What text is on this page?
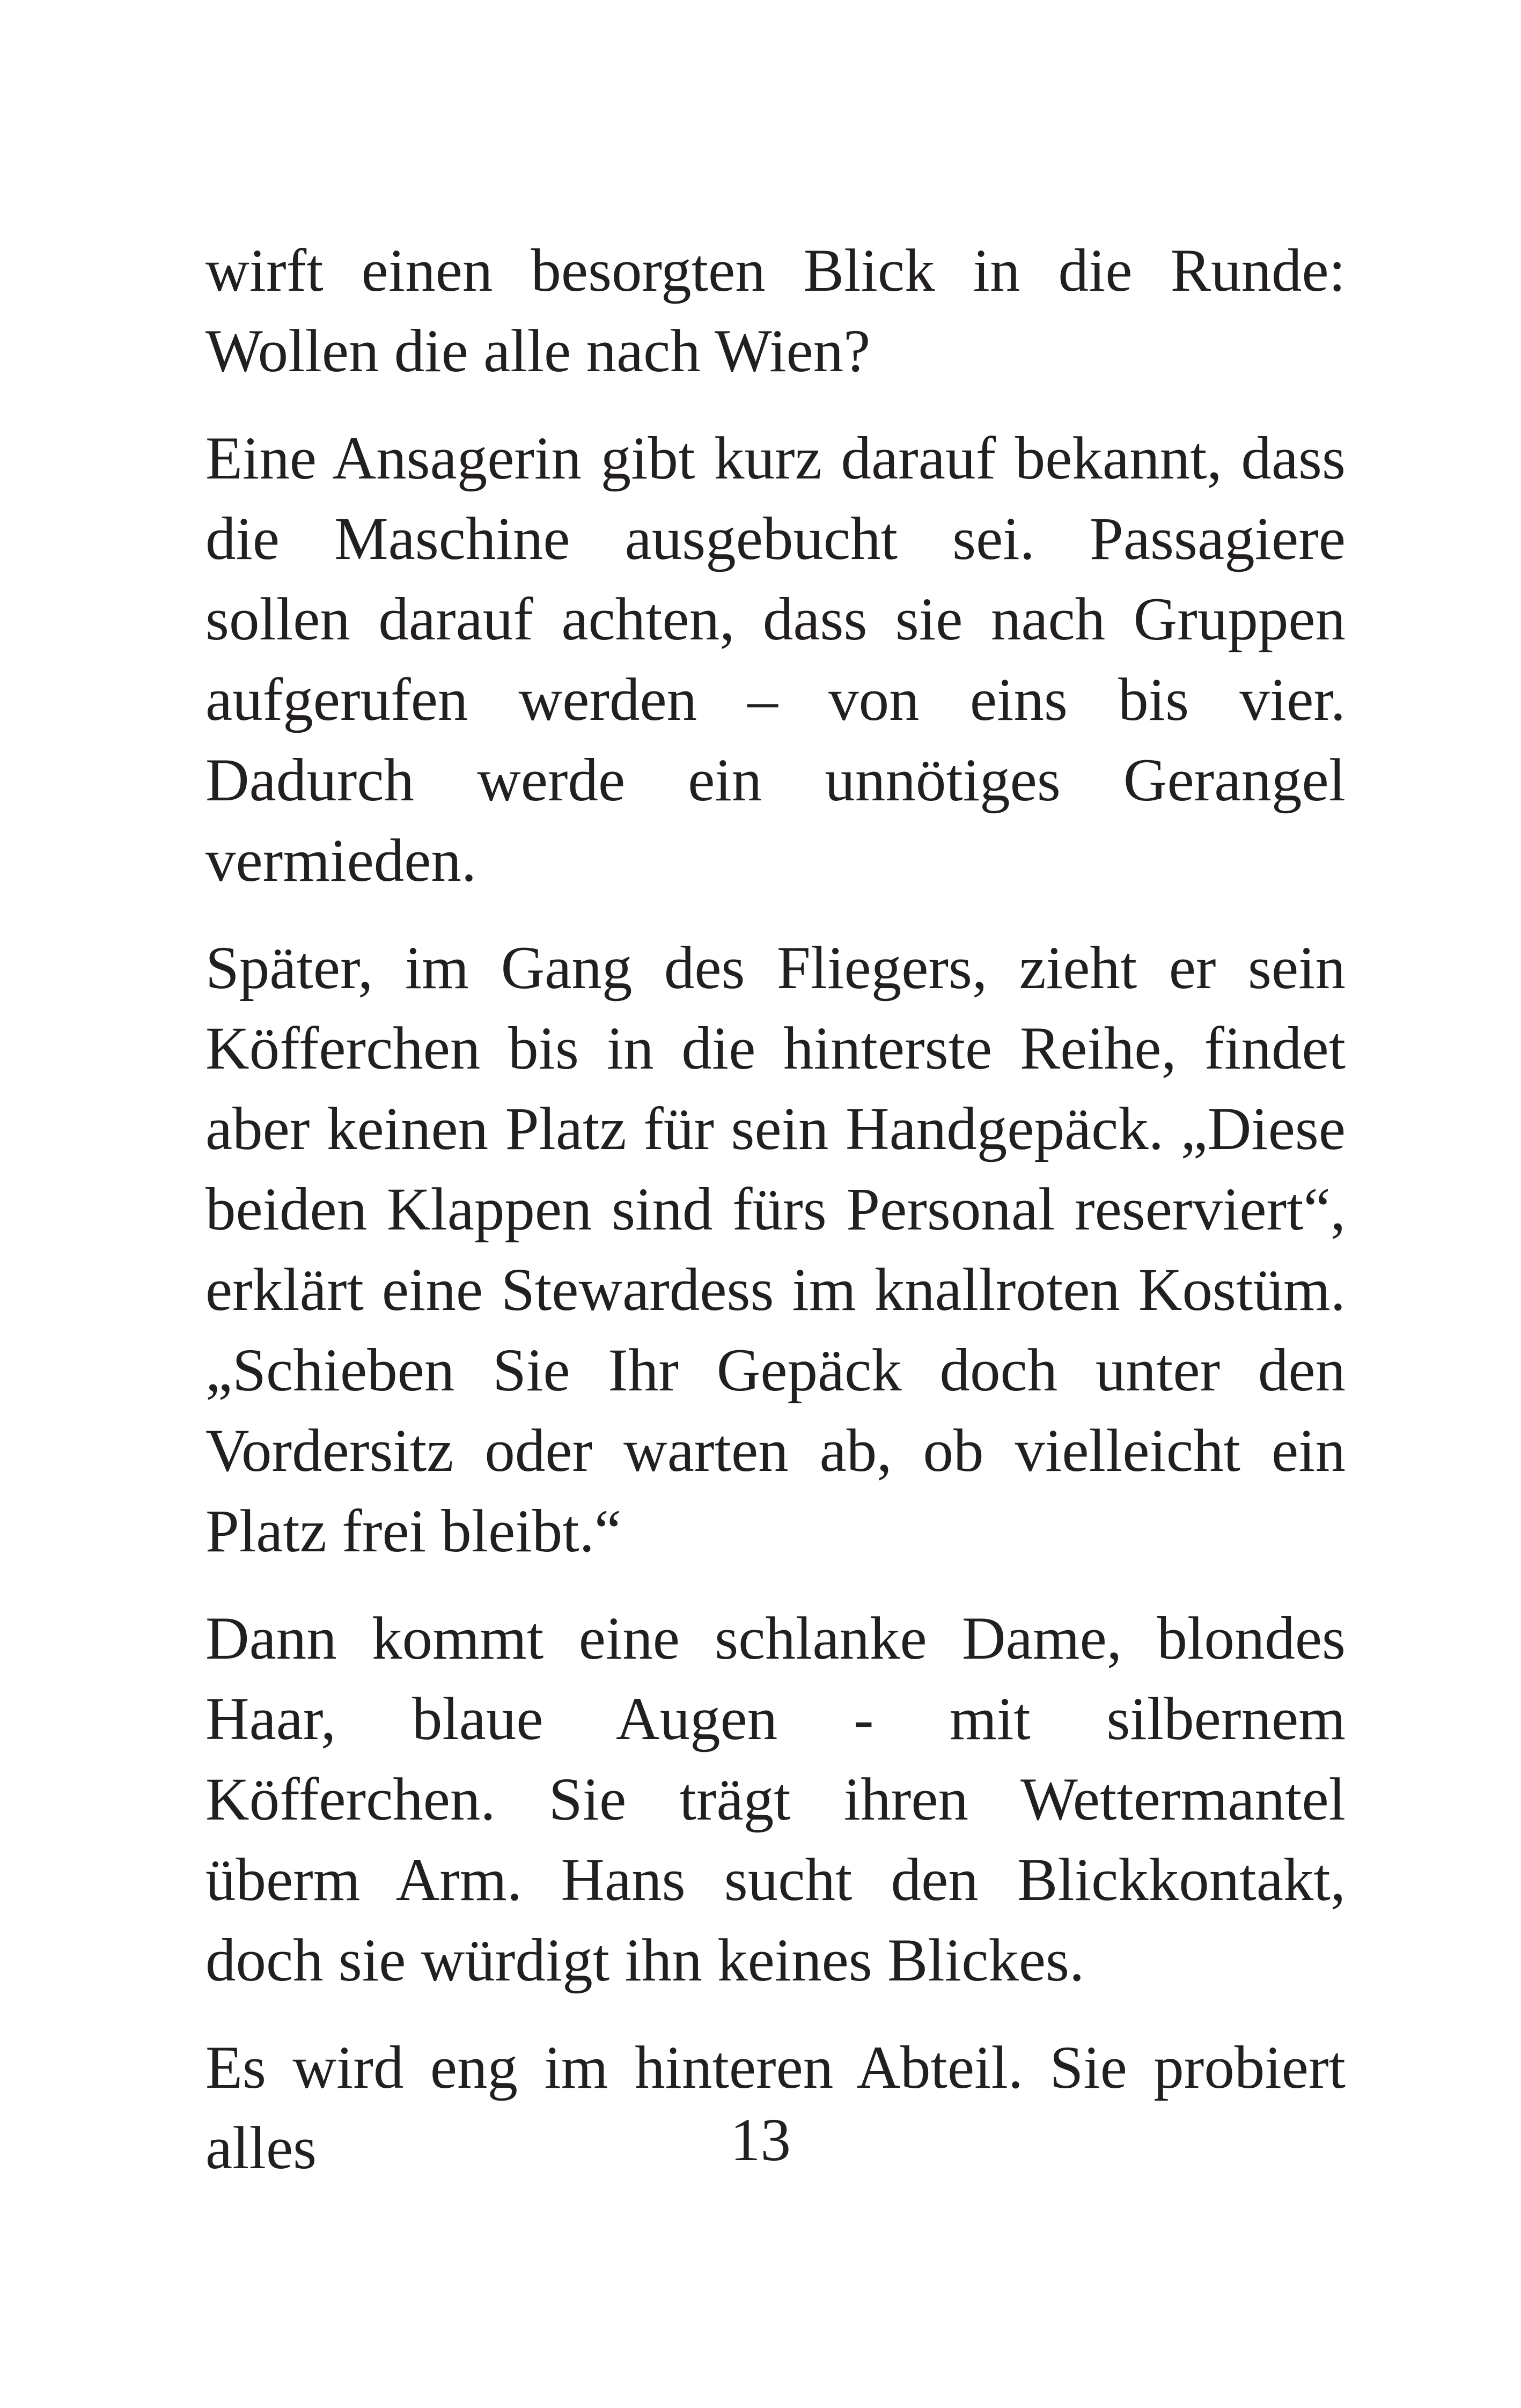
wirft einen besorgten Blick in die Runde: Wollen die alle nach Wien?

Eine Ansagerin gibt kurz darauf bekannt, dass die Maschine ausgebucht sei. Passagiere sollen darauf achten, dass sie nach Gruppen aufgerufen werden – von eins bis vier. Dadurch werde ein unnötiges Gerangel vermieden.

Später, im Gang des Fliegers, zieht er sein Köfferchen bis in die hinterste Reihe, findet aber keinen Platz für sein Handgepäck. „Diese beiden Klappen sind fürs Personal reserviert“, erklärt eine Stewardess im knallroten Kostüm. „Schieben Sie Ihr Gepäck doch unter den Vordersitz oder warten ab, ob vielleicht ein Platz frei bleibt.“

Dann kommt eine schlanke Dame, blondes Haar, blaue Augen - mit silbernem Köfferchen. Sie trägt ihren Wettermantel überm Arm. Hans sucht den Blickkontakt, doch sie würdigt ihn keines Blickes.

Es wird eng im hinteren Abteil. Sie probiert alles	13
